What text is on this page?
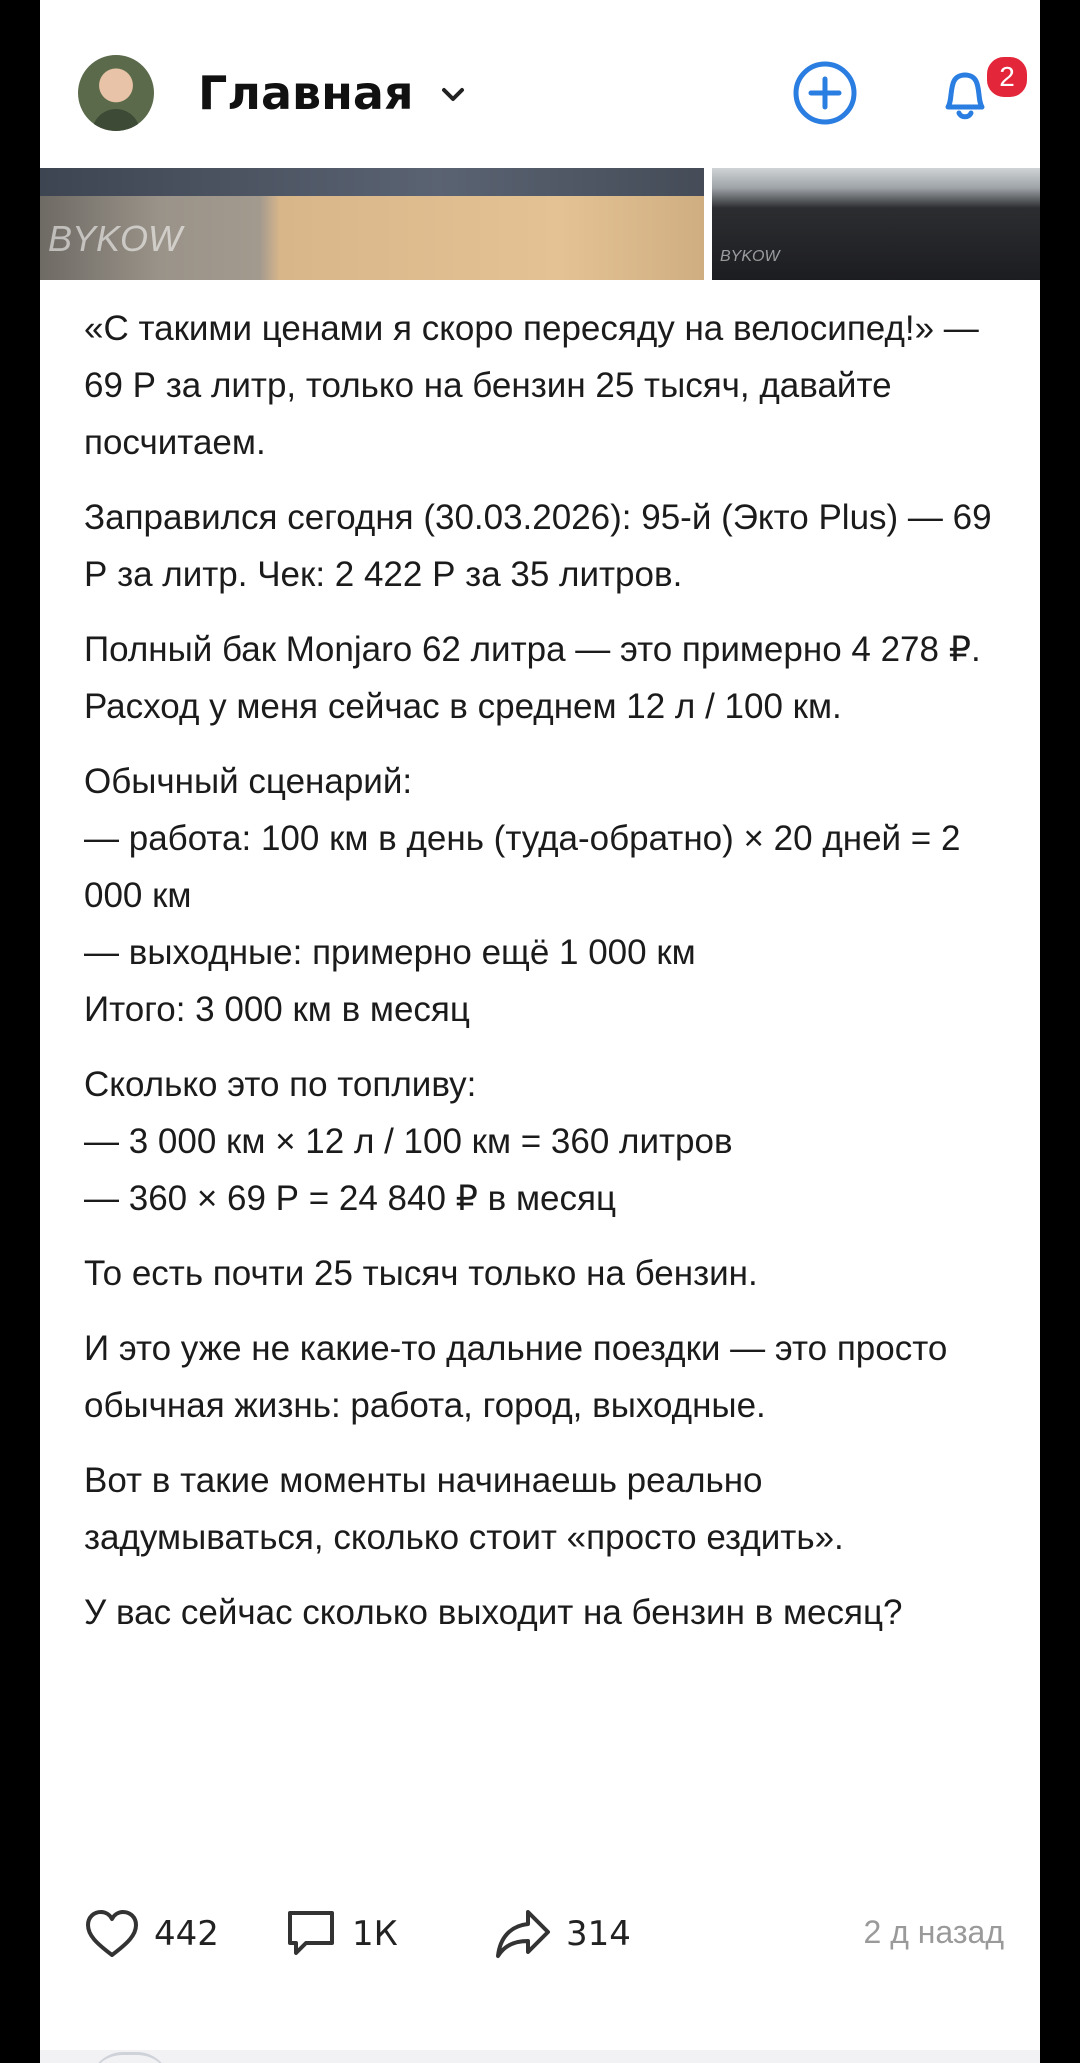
Главная	2
BYKOW	BYKOW

«С такими ценами я скоро пересяду на велосипед!» — 69 Р за литр, только на бензин 25 тысяч, давайте посчитаем.

Заправился сегодня (30.03.2026): 95-й (Экто Plus) — 69 Р за литр. Чек: 2 422 Р за 35 литров.

Полный бак Monjaro 62 литра — это примерно 4 278 ₽.
Расход у меня сейчас в среднем 12 л / 100 км.

Обычный сценарий:
— работа: 100 км в день (туда-обратно) × 20 дней = 2 000 км
— выходные: примерно ещё 1 000 км
Итого: 3 000 км в месяц

Сколько это по топливу:
— 3 000 км × 12 л / 100 км = 360 литров
— 360 × 69 Р = 24 840 ₽ в месяц

То есть почти 25 тысяч только на бензин.

И это уже не какие-то дальние поездки — это просто обычная жизнь: работа, город, выходные.

Вот в такие моменты начинаешь реально задумываться, сколько стоит «просто ездить».

У вас сейчас сколько выходит на бензин в месяц?

442	1К	314	2 д назад
